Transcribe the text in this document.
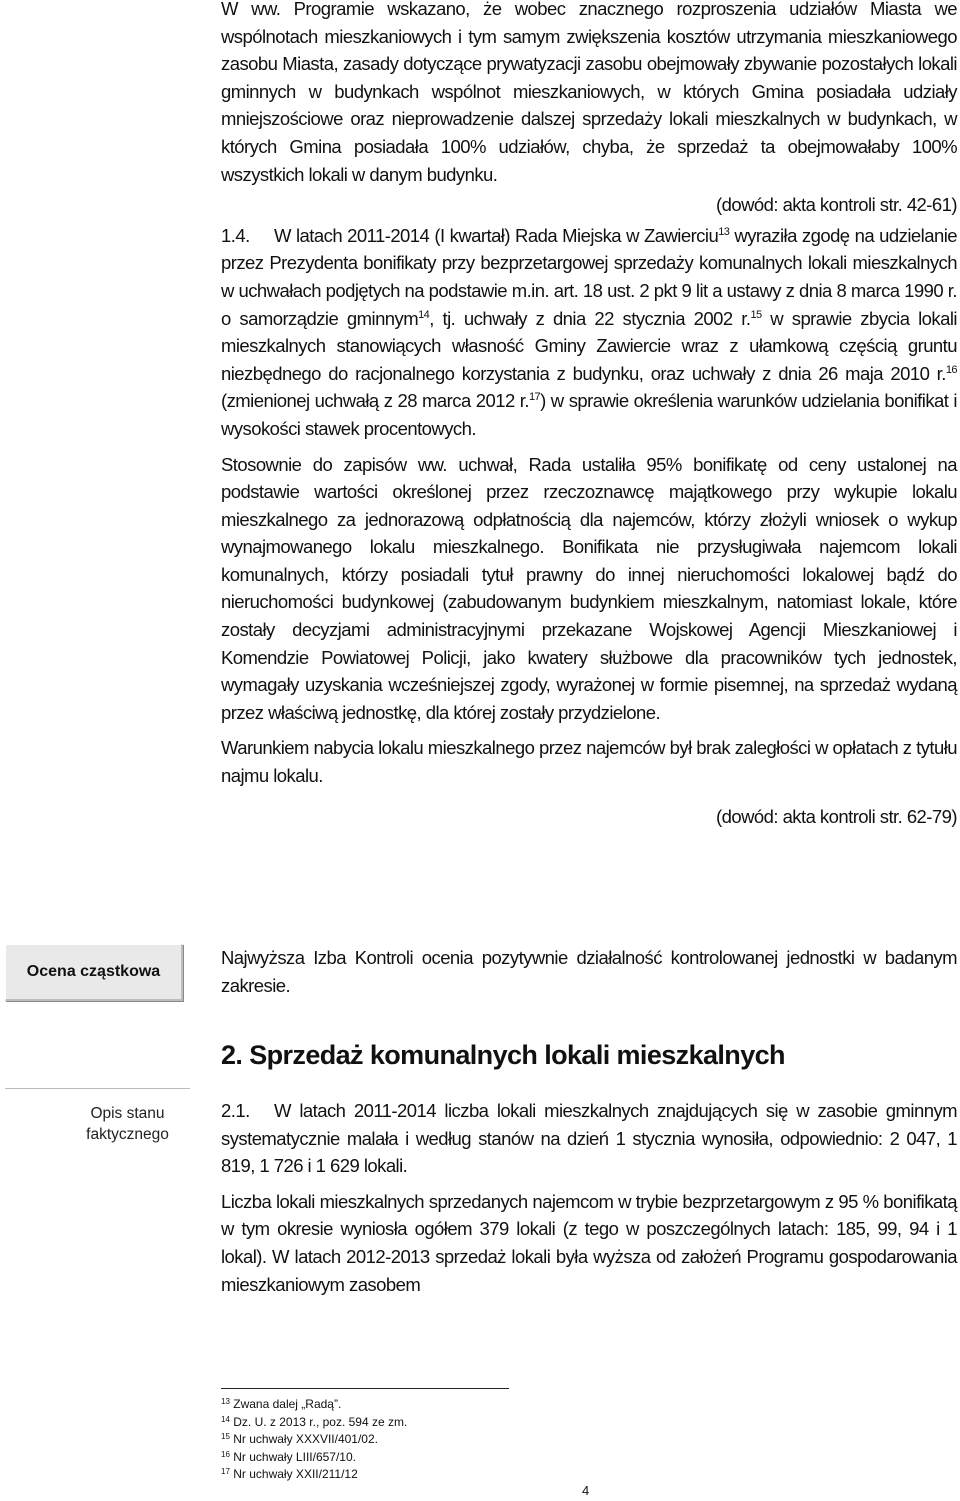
W ww. Programie wskazano, że wobec znacznego rozproszenia udziałów Miasta we wspólnotach mieszkaniowych i tym samym zwiększenia kosztów utrzymania mieszkaniowego zasobu Miasta, zasady dotyczące prywatyzacji zasobu obejmowały zbywanie pozostałych lokali gminnych w budynkach wspólnot mieszkaniowych, w których Gmina posiadała udziały mniejszościowe oraz nieprowadzenie dalszej sprzedaży lokali mieszkalnych w budynkach, w których Gmina posiadała 100% udziałów, chyba, że sprzedaż ta obejmowałaby 100% wszystkich lokali w danym budynku.

(dowód: akta kontroli str. 42-61)

1.4. W latach 2011-2014 (I kwartał) Rada Miejska w Zawierciu$^{13}$ wyraziła zgodę na udzielanie przez Prezydenta bonifikaty przy bezprzetargowej sprzedaży komunalnych lokali mieszkalnych w uchwałach podjętych na podstawie m.in. art. 18 ust. 2 pkt 9 lit a ustawy z dnia 8 marca 1990 r. o samorządzie gminnym$^{14}$, tj. uchwały z dnia 22 stycznia 2002 r.$^{15}$ w sprawie zbycia lokali mieszkalnych stanowiących własność Gminy Zawiercie wraz z ułamkową częścią gruntu niezbędnego do racjonalnego korzystania z budynku, oraz uchwały z dnia 26 maja 2010 r.$^{16}$ (zmienionej uchwałą z 28 marca 2012 r.$^{17}$) w sprawie określenia warunków udzielania bonifikat i wysokości stawek procentowych.

Stosownie do zapisów ww. uchwał, Rada ustaliła 95% bonifikatę od ceny ustalonej na podstawie wartości określonej przez rzeczoznawcę majątkowego przy wykupie lokalu mieszkalnego za jednorazową odpłatnością dla najemców, którzy złożyli wniosek o wykup wynajmowanego lokalu mieszkalnego. Bonifikata nie przysługiwała najemcom lokali komunalnych, którzy posiadali tytuł prawny do innej nieruchomości lokalowej bądź do nieruchomości budynkowej (zabudowanym budynkiem mieszkalnym, natomiast lokale, które zostały decyzjami administracyjnymi przekazane Wojskowej Agencji Mieszkaniowej i Komendzie Powiatowej Policji, jako kwatery służbowe dla pracowników tych jednostek, wymagały uzyskania wcześniejszej zgody, wyrażonej w formie pisemnej, na sprzedaż wydaną przez właściwą jednostkę, dla której zostały przydzielone.

Warunkiem nabycia lokalu mieszkalnego przez najemców był brak zaległości w opłatach z tytułu najmu lokalu.

(dowód: akta kontroli str. 62-79)

Ocena cząstkowa

Najwyższa Izba Kontroli ocenia pozytywnie działalność kontrolowanej jednostki w badanym zakresie.

2. Sprzedaż komunalnych lokali mieszkalnych
Opis stanu faktycznego

2.1. W latach 2011-2014 liczba lokali mieszkalnych znajdujących się w zasobie gminnym systematycznie malała i według stanów na dzień 1 stycznia wynosiła, odpowiednio: 2 047, 1 819, 1 726 i 1 629 lokali.

Liczba lokali mieszkalnych sprzedanych najemcom w trybie bezprzetargowym z 95 % bonifikatą w tym okresie wyniosła ogółem 379 lokali (z tego w poszczególnych latach: 185, 99, 94 i 1 lokal). W latach 2012-2013 sprzedaż lokali była wyższa od założeń Programu gospodarowania mieszkaniowym zasobem

$^{13}$ Zwana dalej „Radą”.
$^{14}$ Dz. U. z 2013 r., poz. 594 ze zm.
$^{15}$ Nr uchwały XXXVII/401/02.
$^{16}$ Nr uchwały LIII/657/10.
$^{17}$ Nr uchwały XXII/211/12
4
